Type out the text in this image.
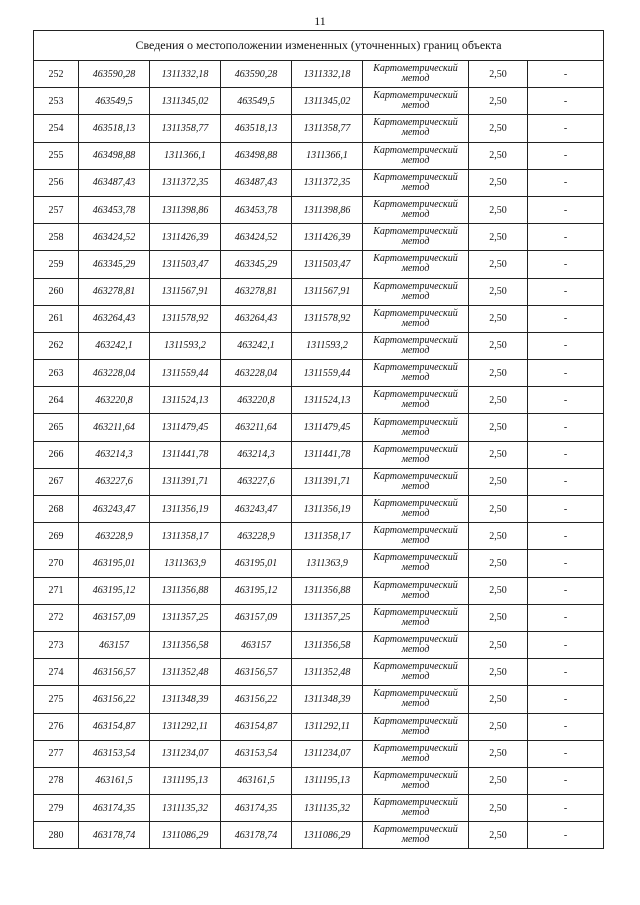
11
Сведения о местоположении измененных (уточненных) границ объекта							
252	463590,28	1311332,18	463590,28	1311332,18	Картометрический метод	2,50	-
253	463549,5	1311345,02	463549,5	1311345,02	Картометрический метод	2,50	-
254	463518,13	1311358,77	463518,13	1311358,77	Картометрический метод	2,50	-
255	463498,88	1311366,1	463498,88	1311366,1	Картометрический метод	2,50	-
256	463487,43	1311372,35	463487,43	1311372,35	Картометрический метод	2,50	-
257	463453,78	1311398,86	463453,78	1311398,86	Картометрический метод	2,50	-
258	463424,52	1311426,39	463424,52	1311426,39	Картометрический метод	2,50	-
259	463345,29	1311503,47	463345,29	1311503,47	Картометрический метод	2,50	-
260	463278,81	1311567,91	463278,81	1311567,91	Картометрический метод	2,50	-
261	463264,43	1311578,92	463264,43	1311578,92	Картометрический метод	2,50	-
262	463242,1	1311593,2	463242,1	1311593,2	Картометрический метод	2,50	-
263	463228,04	1311559,44	463228,04	1311559,44	Картометрический метод	2,50	-
264	463220,8	1311524,13	463220,8	1311524,13	Картометрический метод	2,50	-
265	463211,64	1311479,45	463211,64	1311479,45	Картометрический метод	2,50	-
266	463214,3	1311441,78	463214,3	1311441,78	Картометрический метод	2,50	-
267	463227,6	1311391,71	463227,6	1311391,71	Картометрический метод	2,50	-
268	463243,47	1311356,19	463243,47	1311356,19	Картометрический метод	2,50	-
269	463228,9	1311358,17	463228,9	1311358,17	Картометрический метод	2,50	-
270	463195,01	1311363,9	463195,01	1311363,9	Картометрический метод	2,50	-
271	463195,12	1311356,88	463195,12	1311356,88	Картометрический метод	2,50	-
272	463157,09	1311357,25	463157,09	1311357,25	Картометрический метод	2,50	-
273	463157	1311356,58	463157	1311356,58	Картометрический метод	2,50	-
274	463156,57	1311352,48	463156,57	1311352,48	Картометрический метод	2,50	-
275	463156,22	1311348,39	463156,22	1311348,39	Картометрический метод	2,50	-
276	463154,87	1311292,11	463154,87	1311292,11	Картометрический метод	2,50	-
277	463153,54	1311234,07	463153,54	1311234,07	Картометрический метод	2,50	-
278	463161,5	1311195,13	463161,5	1311195,13	Картометрический метод	2,50	-
279	463174,35	1311135,32	463174,35	1311135,32	Картометрический метод	2,50	-
280	463178,74	1311086,29	463178,74	1311086,29	Картометрический метод	2,50	-
